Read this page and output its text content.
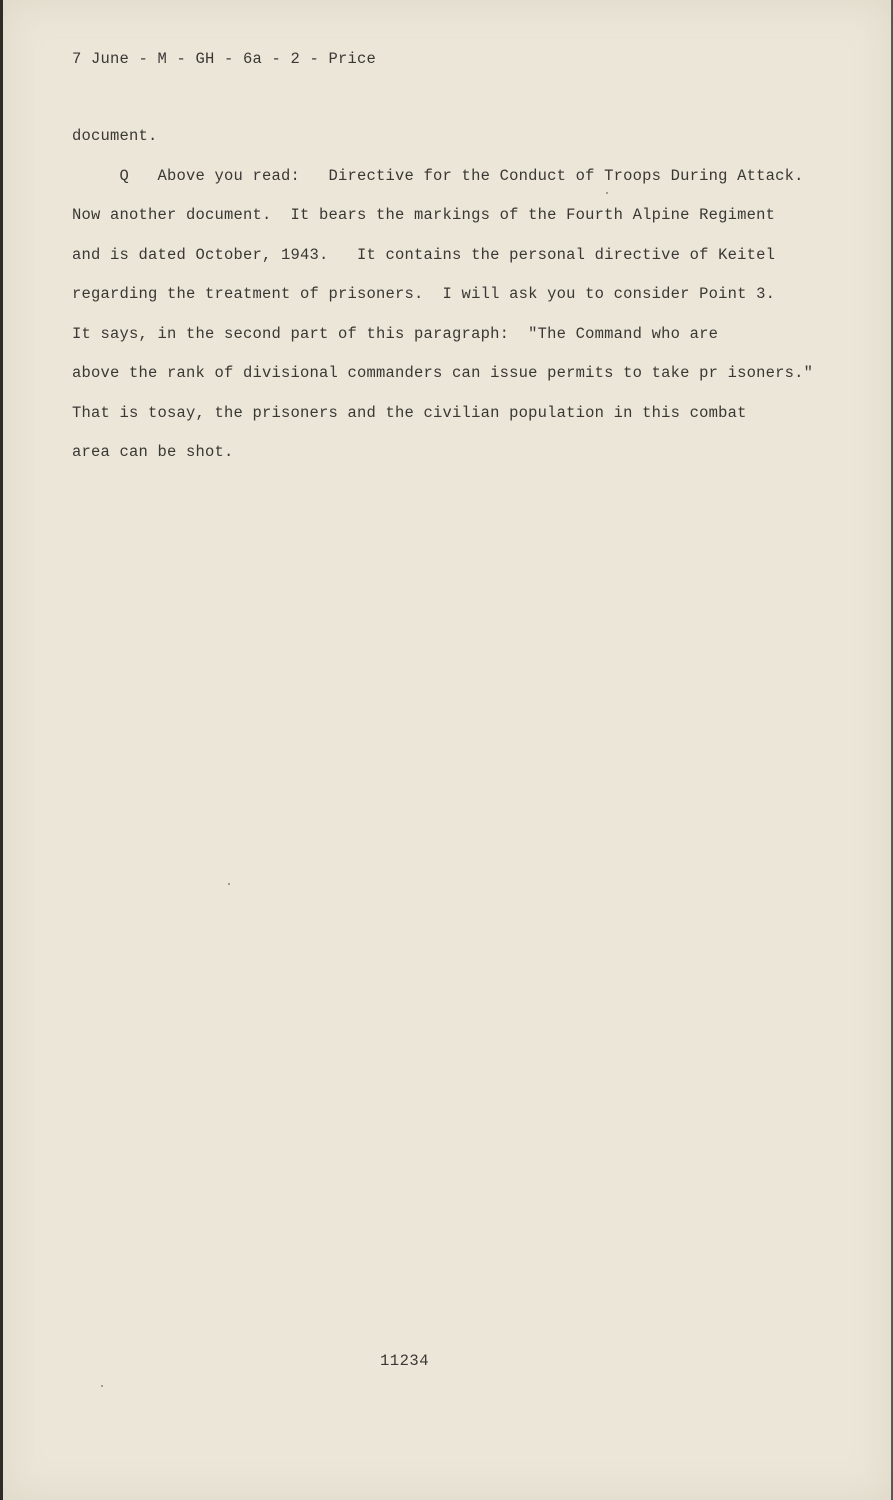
7 June - M - GH - 6a - 2 - Price
document.
Q   Above you read:   Directive for the Conduct of Troops During Attack.
Now another document.  It bears the markings of the Fourth Alpine Regiment
and is dated October, 1943.   It contains the personal directive of Keitel
regarding the treatment of prisoners.  I will ask you to consider Point 3.
It says, in the second part of this paragraph:  "The Command who are
above the rank of divisional commanders can issue permits to take pr isoners."
That is tosay, the prisoners and the civilian population in this combat
area can be shot.
11234
